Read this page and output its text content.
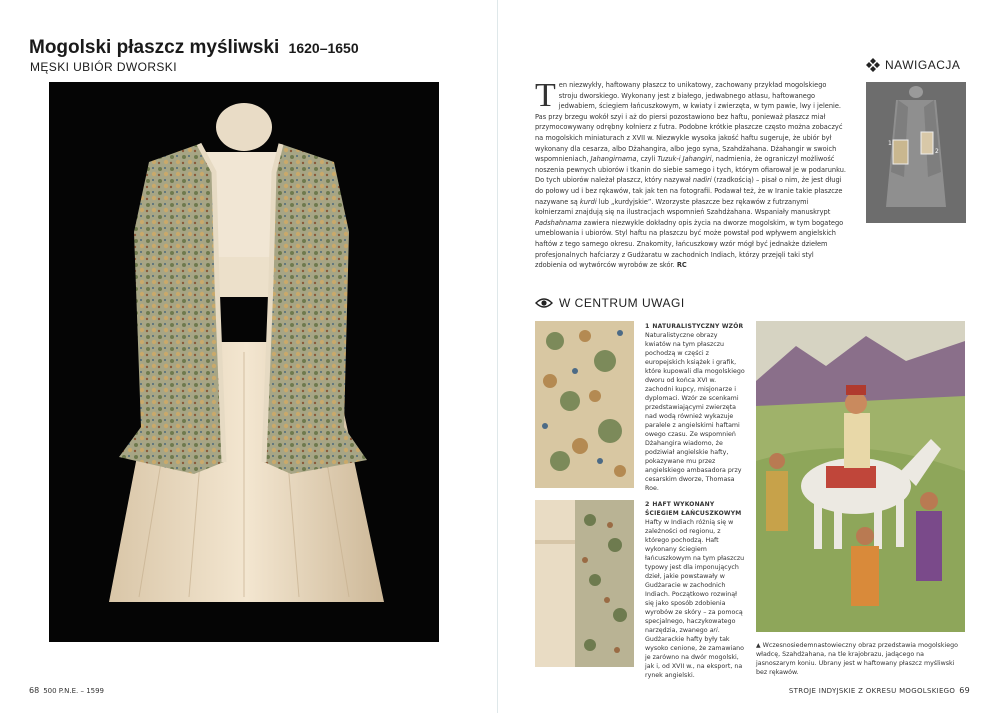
Mogolski płaszcz myśliwski 1620–1650
MĘSKI UBIÓR DWORSKI
68 500 P.N.E. – 1599
NAWIGACJA
1
2
Ten niezwykły, haftowany płaszcz to unikatowy, zachowany przykład mogolskiego stroju dworskiego. Wykonany jest z białego, jedwabnego atłasu, haftowanego jedwabiem, ściegiem łańcuszkowym, w kwiaty i zwierzęta, w tym pawie, lwy i jelenie. Pas przy brzegu wokół szyi i aż do piersi pozostawiono bez haftu, ponieważ płaszcz miał przymocowywany odrębny kołnierz z futra. Podobne krótkie płaszcze często można zobaczyć na mogolskich miniaturach z XVII w. Niezwykle wysoka jakość haftu sugeruje, że ubiór był wykonany dla cesarza, albo Dżahangira, albo jego syna, Szahdżahana. Dżahangir w swoich wspomnieniach, Jahangirnama, czyli Tuzuk-i Jahangiri, nadmienia, że ograniczył możliwość noszenia pewnych ubiorów i tkanin do siebie samego i tych, którym ofiarował je w podarunku. Do tych ubiorów należał płaszcz, który nazywał nadiri (rzadkością) – pisał o nim, że jest długi do połowy ud i bez rękawów, tak jak ten na fotografii. Podawał też, że w Iranie takie płaszcze nazywane są kurdi lub „kurdyjskie”. Wzorzyste płaszcze bez rękawów z futrzanymi kołnierzami znajdują się na ilustracjach wspomnień Szahdżahana. Wspaniały manuskrypt Padshahnama zawiera niezwykle dokładny opis życia na dworze mogolskim, w tym bogatego umeblowania i ubiorów. Styl haftu na płaszczu być może powstał pod wpływem angielskich haftów z tego samego okresu. Znakomity, łańcuszkowy wzór mógł być jednakże dziełem profesjonalnych hafciarzy z Gudżaratu w zachodnich Indiach, którzy przejęli taki styl zdobienia od wytwórców wyrobów ze skór. RC
W CENTRUM UWAGI
1 NATURALISTYCZNY WZÓR
Naturalistyczne obrazy kwiatów na tym płaszczu pochodzą w części z europejskich książek i grafik, które kupowali dla mogolskiego dworu od końca XVI w. zachodni kupcy, misjonarze i dyplomaci. Wzór ze scenkami przedstawiającymi zwierzęta nad wodą również wykazuje paralele z angielskimi haftami owego czasu. Ze wspomnień Dżahangira wiadomo, że podziwiał angielskie hafty, pokazywane mu przez angielskiego ambasadora przy cesarskim dworze, Thomasa Roe.
2 HAFT WYKONANY ŚCIEGIEM ŁAŃCUSZKOWYM
Hafty w Indiach różnią się w zależności od regionu, z którego pochodzą. Haft wykonany ściegiem łańcuszkowym na tym płaszczu typowy jest dla imponujących dzieł, jakie powstawały w Gudżaracie w zachodnich Indiach. Początkowo rozwinął się jako sposób zdobienia wyrobów ze skóry – za pomocą specjalnego, haczykowatego narzędzia, zwanego ari. Gudżarackie hafty były tak wysoko cenione, że zamawiano je zarówno na dwór mogolski, jak i, od XVII w., na eksport, na rynek angielski.
▲ Wczesnosiedemnastowieczny obraz przedstawia mogolskiego władcę, Szahdżahana, na tle krajobrazu, jadącego na jasnoszarym koniu. Ubrany jest w haftowany płaszcz myśliwski bez rękawów.
STROJE INDYJSKIE Z OKRESU MOGOLSKIEGO 69
